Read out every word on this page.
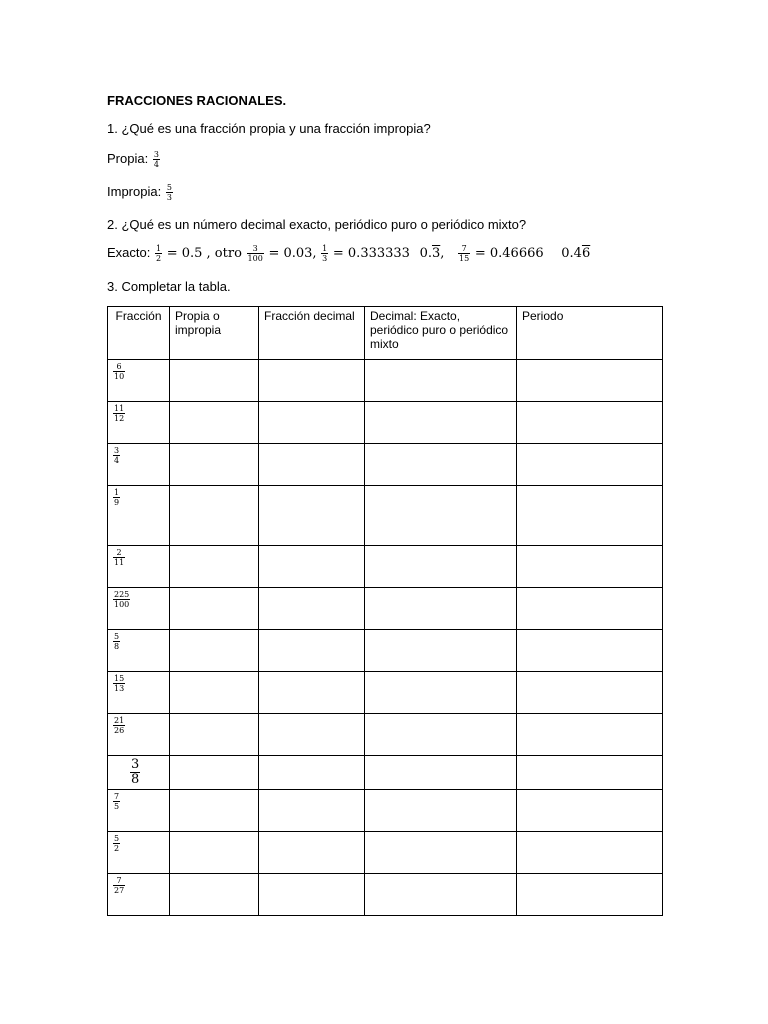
FRACCIONES RACIONALES.
1. ¿Qué es una fracción propia y una fracción impropia?
Propia: $\frac{3}{4}$
Impropia: $\frac{5}{3}$
2. ¿Qué es un número decimal exacto, periódico puro o periódico mixto?
Exacto: $\frac{1}{2} = 0.5$ , otro $\frac{3}{100} = 0.03$, $\frac{1}{3} = 0.333333$ 0.3, $\frac{7}{15} = 0.46666$ 0.46
3. Completar la tabla.
Fracción	Propia o impropia	Fracción decimal	Decimal: Exacto, periódico puro o periódico mixto	Periodo

$\frac{6}{10}$

$\frac{11}{12}$

$\frac{3}{4}$

$\frac{1}{9}$

$\frac{2}{11}$

$\frac{225}{100}$

$\frac{5}{8}$

$\frac{15}{13}$

$\frac{21}{26}$

$\frac{3}{8}$

$\frac{7}{5}$

$\frac{5}{2}$

$\frac{7}{27}$
